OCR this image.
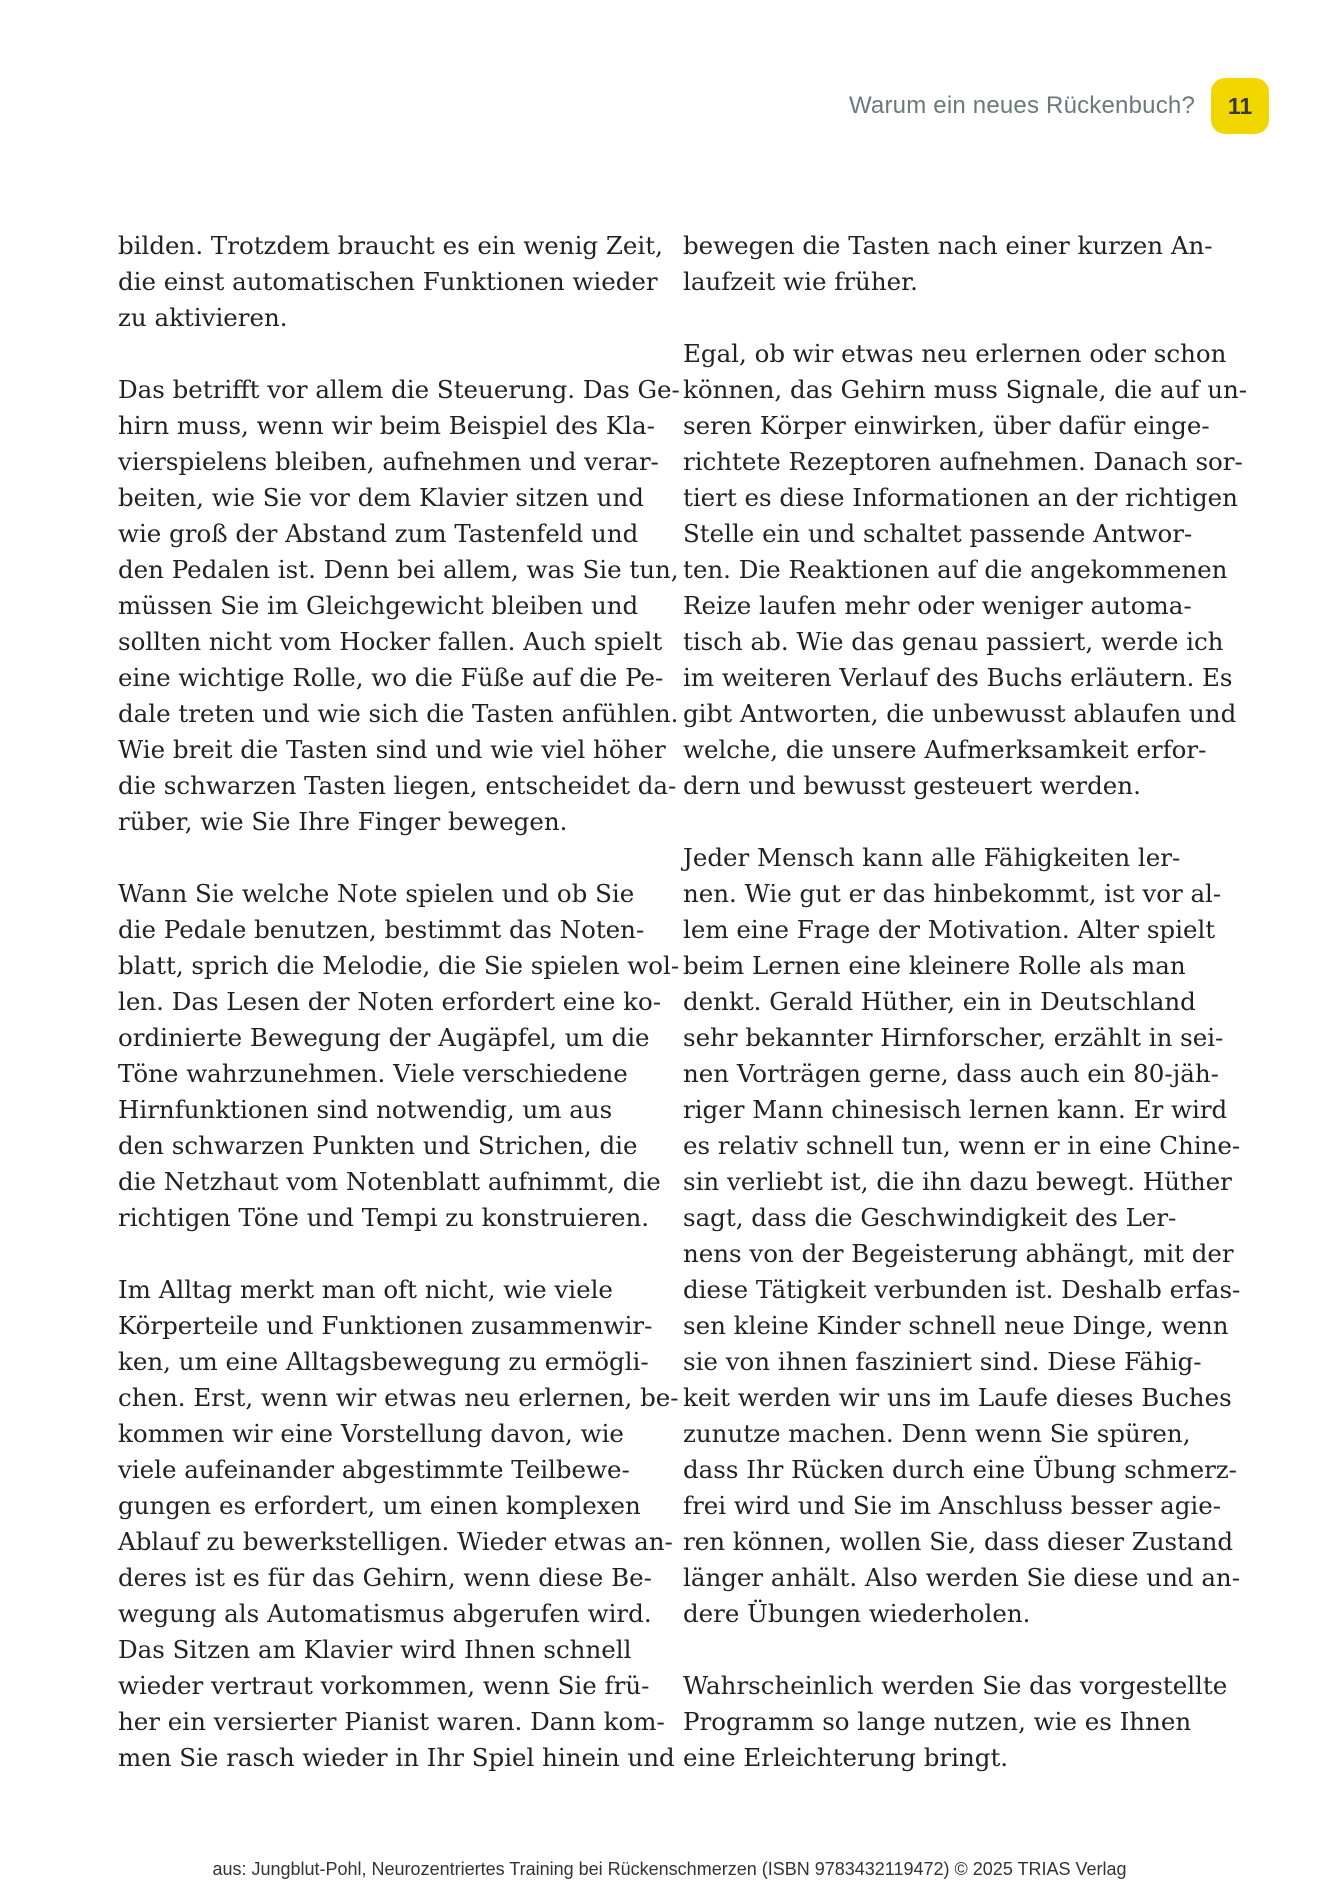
Warum ein neues Rückenbuch?	11
bilden. Trotzdem braucht es ein wenig Zeit,
die einst automatischen Funktionen wieder
zu aktivieren.
Das betrifft vor allem die Steuerung. Das Ge-
hirn muss, wenn wir beim Beispiel des Kla-
vierspielens bleiben, aufnehmen und verar-
beiten, wie Sie vor dem Klavier sitzen und
wie groß der Abstand zum Tastenfeld und
den Pedalen ist. Denn bei allem, was Sie tun,
müssen Sie im Gleichgewicht bleiben und
sollten nicht vom Hocker fallen. Auch spielt
eine wichtige Rolle, wo die Füße auf die Pe-
dale treten und wie sich die Tasten anfühlen.
Wie breit die Tasten sind und wie viel höher
die schwarzen Tasten liegen, entscheidet da-
rüber, wie Sie Ihre Finger bewegen.
Wann Sie welche Note spielen und ob Sie
die Pedale benutzen, bestimmt das Noten-
blatt, sprich die Melodie, die Sie spielen wol-
len. Das Lesen der Noten erfordert eine ko-
ordinierte Bewegung der Augäpfel, um die
Töne wahrzunehmen. Viele verschiedene
Hirnfunktionen sind notwendig, um aus
den schwarzen Punkten und Strichen, die
die Netzhaut vom Notenblatt aufnimmt, die
richtigen Töne und Tempi zu konstruieren.
Im Alltag merkt man oft nicht, wie viele
Körperteile und Funktionen zusammenwir-
ken, um eine Alltagsbewegung zu ermögli-
chen. Erst, wenn wir etwas neu erlernen, be-
kommen wir eine Vorstellung davon, wie
viele aufeinander abgestimmte Teilbewe-
gungen es erfordert, um einen komplexen
Ablauf zu bewerkstelligen. Wieder etwas an-
deres ist es für das Gehirn, wenn diese Be-
wegung als Automatismus abgerufen wird.
Das Sitzen am Klavier wird Ihnen schnell
wieder vertraut vorkommen, wenn Sie frü-
her ein versierter Pianist waren. Dann kom-
men Sie rasch wieder in Ihr Spiel hinein und
bewegen die Tasten nach einer kurzen An-
laufzeit wie früher.
Egal, ob wir etwas neu erlernen oder schon
können, das Gehirn muss Signale, die auf un-
seren Körper einwirken, über dafür einge-
richtete Rezeptoren aufnehmen. Danach sor-
tiert es diese Informationen an der richtigen
Stelle ein und schaltet passende Antwor-
ten. Die Reaktionen auf die angekommenen
Reize laufen mehr oder weniger automa-
tisch ab. Wie das genau passiert, werde ich
im weiteren Verlauf des Buchs erläutern. Es
gibt Antworten, die unbewusst ablaufen und
welche, die unsere Aufmerksamkeit erfor-
dern und bewusst gesteuert werden.
Jeder Mensch kann alle Fähigkeiten ler-
nen. Wie gut er das hinbekommt, ist vor al-
lem eine Frage der Motivation. Alter spielt
beim Lernen eine kleinere Rolle als man
denkt. Gerald Hüther, ein in Deutschland
sehr bekannter Hirnforscher, erzählt in sei-
nen Vorträgen gerne, dass auch ein 80-jäh-
riger Mann chinesisch lernen kann. Er wird
es relativ schnell tun, wenn er in eine Chine-
sin verliebt ist, die ihn dazu bewegt. Hüther
sagt, dass die Geschwindigkeit des Ler-
nens von der Begeisterung abhängt, mit der
diese Tätigkeit verbunden ist. Deshalb erfas-
sen kleine Kinder schnell neue Dinge, wenn
sie von ihnen fasziniert sind. Diese Fähig-
keit werden wir uns im Laufe dieses Buches
zunutze machen. Denn wenn Sie spüren,
dass Ihr Rücken durch eine Übung schmerz-
frei wird und Sie im Anschluss besser agie-
ren können, wollen Sie, dass dieser Zustand
länger anhält. Also werden Sie diese und an-
dere Übungen wiederholen.
Wahrscheinlich werden Sie das vorgestellte
Programm so lange nutzen, wie es Ihnen
eine Erleichterung bringt.
aus: Jungblut-Pohl, Neurozentriertes Training bei Rückenschmerzen (ISBN 9783432119472) © 2025 TRIAS Verlag
